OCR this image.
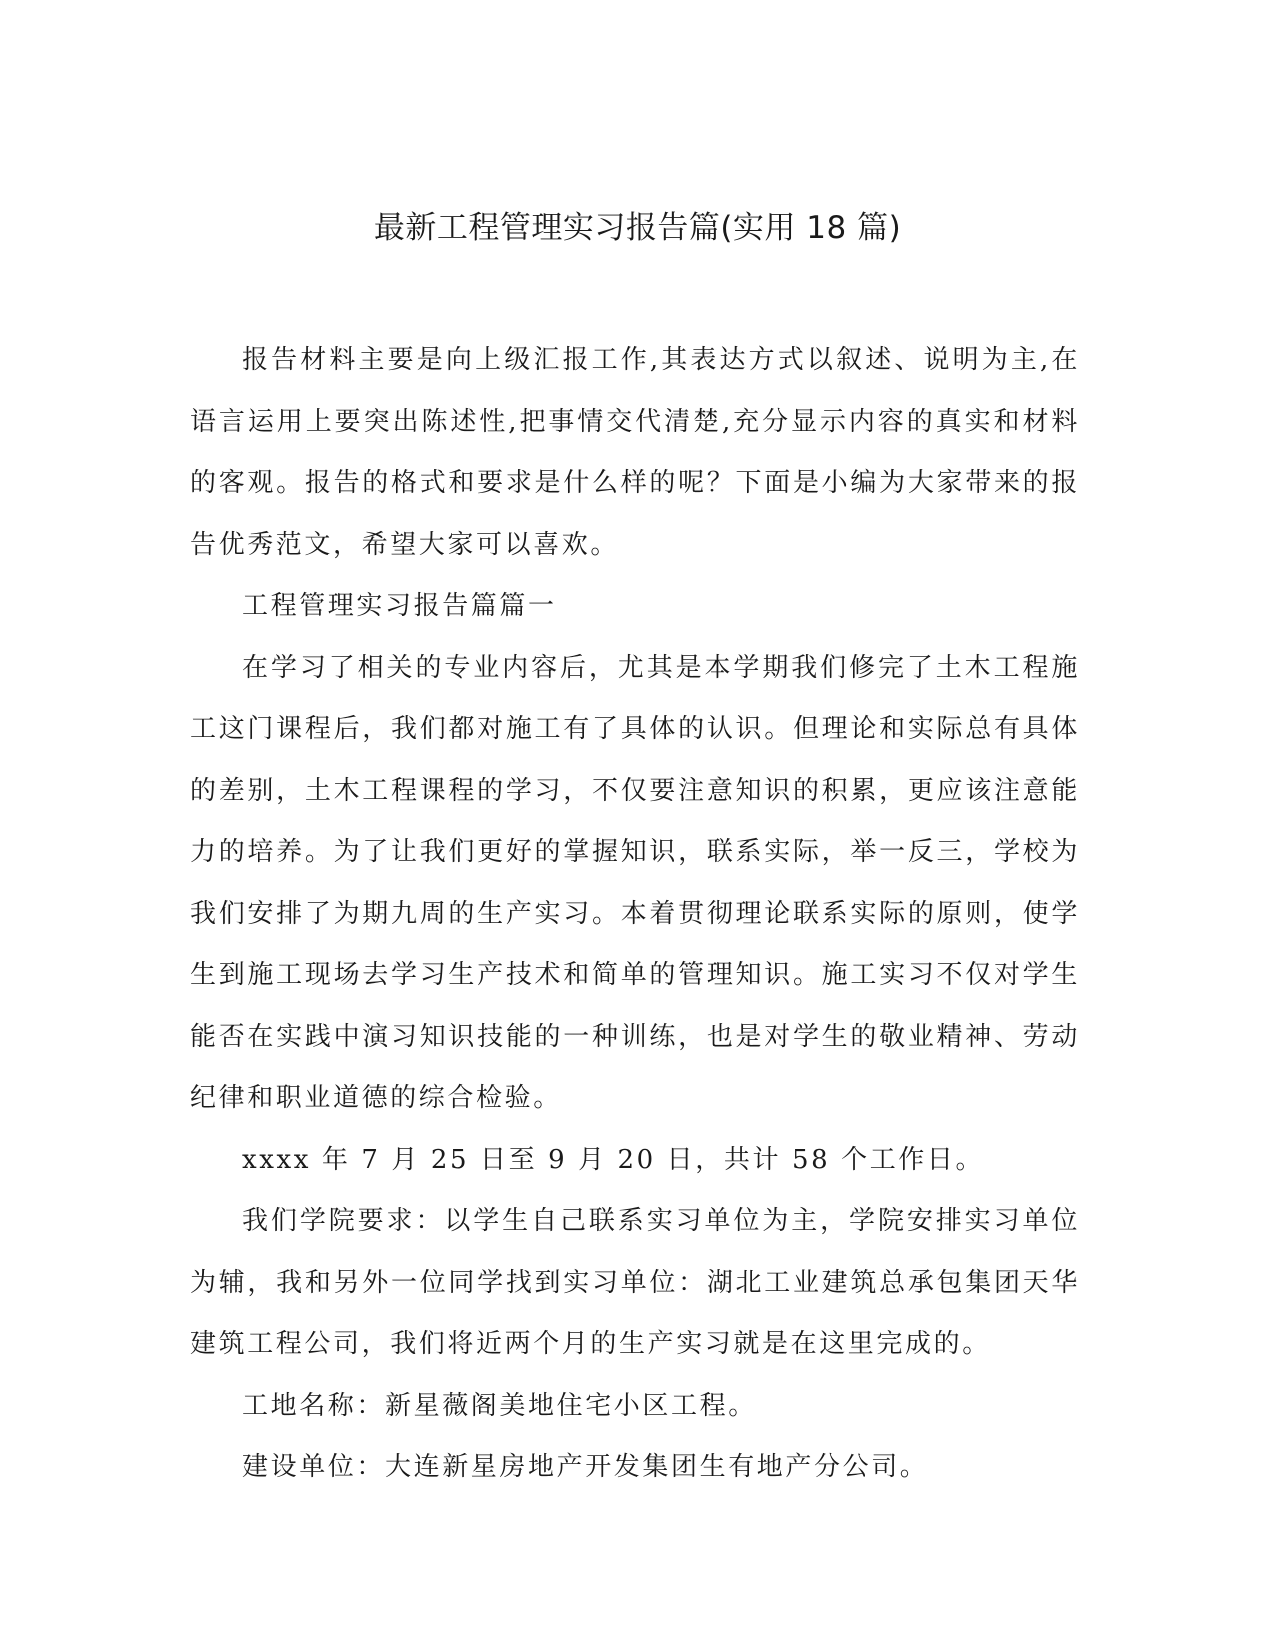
最新工程管理实习报告篇(实用 18 篇)

报告材料主要是向上级汇报工作,其表达方式以叙述、说明为主,在语言运用上要突出陈述性,把事情交代清楚,充分显示内容的真实和材料的客观。报告的格式和要求是什么样的呢？下面是小编为大家带来的报告优秀范文，希望大家可以喜欢。

工程管理实习报告篇篇一

在学习了相关的专业内容后，尤其是本学期我们修完了土木工程施工这门课程后，我们都对施工有了具体的认识。但理论和实际总有具体的差别，土木工程课程的学习，不仅要注意知识的积累，更应该注意能力的培养。为了让我们更好的掌握知识，联系实际，举一反三，学校为我们安排了为期九周的生产实习。本着贯彻理论联系实际的原则，使学生到施工现场去学习生产技术和简单的管理知识。施工实习不仅对学生能否在实践中演习知识技能的一种训练，也是对学生的敬业精神、劳动纪律和职业道德的综合检验。

xxxx 年 7 月 25 日至 9 月 20 日，共计 58 个工作日。

我们学院要求：以学生自己联系实习单位为主，学院安排实习单位为辅，我和另外一位同学找到实习单位：湖北工业建筑总承包集团天华建筑工程公司，我们将近两个月的生产实习就是在这里完成的。

工地名称：新星薇阁美地住宅小区工程。

建设单位：大连新星房地产开发集团生有地产分公司。
